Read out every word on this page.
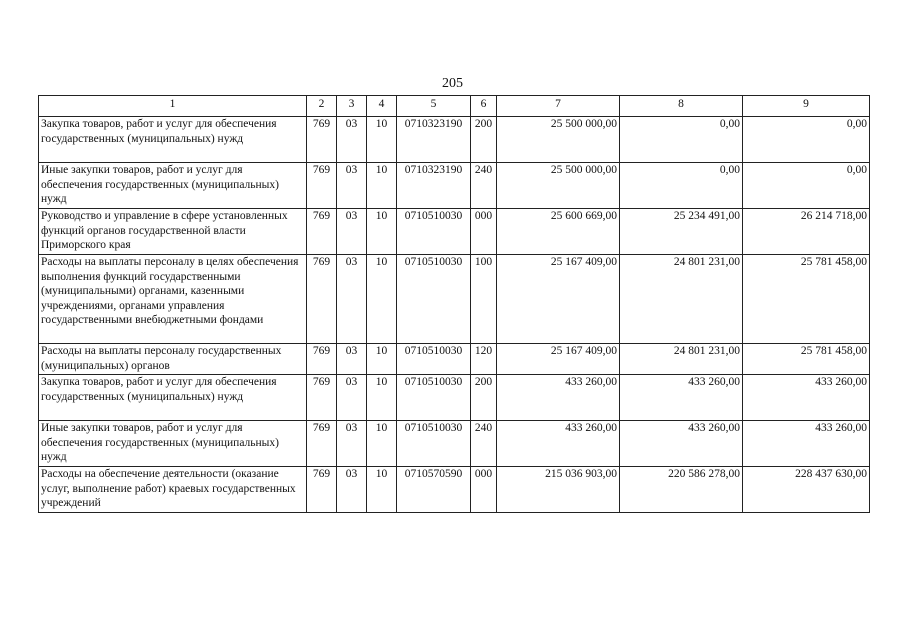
205
1	2	3	4	5	6	7	8	9
Закупка товаров, работ и услуг для обеспечения государственных (муниципальных) нужд	769	03	10	0710323190	200	25 500 000,00	0,00	0,00
Иные закупки товаров, работ и услуг для обеспечения государственных (муниципальных) нужд	769	03	10	0710323190	240	25 500 000,00	0,00	0,00
Руководство и управление в сфере установленных функций органов государственной власти Приморского края	769	03	10	0710510030	000	25 600 669,00	25 234 491,00	26 214 718,00
Расходы на выплаты персоналу в целях обеспечения выполнения функций государственными (муниципальными) органами, казенными учреждениями, органами управления государственными внебюджетными фондами	769	03	10	0710510030	100	25 167 409,00	24 801 231,00	25 781 458,00
Расходы на выплаты персоналу государственных (муниципальных) органов	769	03	10	0710510030	120	25 167 409,00	24 801 231,00	25 781 458,00
Закупка товаров, работ и услуг для обеспечения государственных (муниципальных) нужд	769	03	10	0710510030	200	433 260,00	433 260,00	433 260,00
Иные закупки товаров, работ и услуг для обеспечения государственных (муниципальных) нужд	769	03	10	0710510030	240	433 260,00	433 260,00	433 260,00
Расходы на обеспечение деятельности (оказание услуг, выполнение работ) краевых государственных учреждений	769	03	10	0710570590	000	215 036 903,00	220 586 278,00	228 437 630,00
